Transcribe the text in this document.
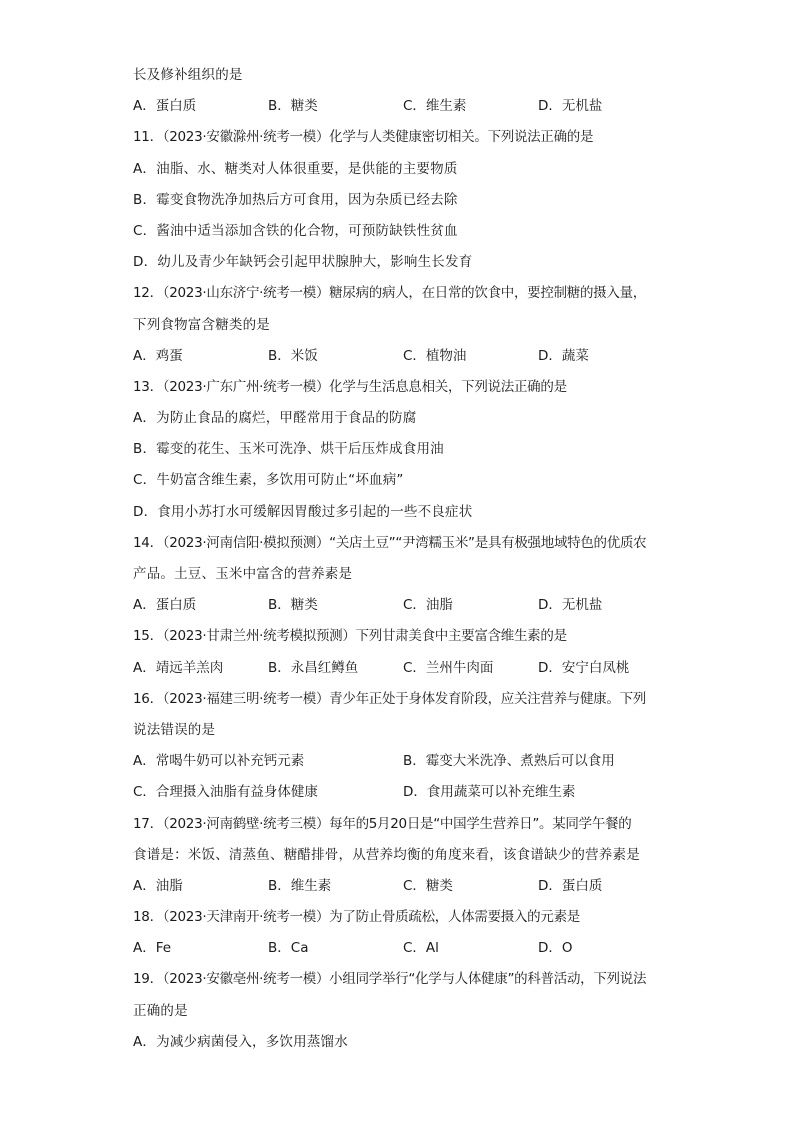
长及修补组织的是
A．蛋白质	B．糖类	C．维生素	D．无机盐
11．（2023·安徽滁州·统考一模）化学与人类健康密切相关。下列说法正确的是
A．油脂、水、糖类对人体很重要，是供能的主要物质
B．霉变食物洗净加热后方可食用，因为杂质已经去除
C．酱油中适当添加含铁的化合物，可预防缺铁性贫血
D．幼儿及青少年缺钙会引起甲状腺肿大，影响生长发育
12．（2023·山东济宁·统考一模）糖尿病的病人，在日常的饮食中，要控制糖的摄入量，
下列食物富含糖类的是
A．鸡蛋	B．米饭	C．植物油	D．蔬菜
13．（2023·广东广州·统考一模）化学与生活息息相关，下列说法正确的是
A．为防止食品的腐烂，甲醛常用于食品的防腐
B．霉变的花生、玉米可洗净、烘干后压炸成食用油
C．牛奶富含维生素，多饮用可防止“坏血病”
D．食用小苏打水可缓解因胃酸过多引起的一些不良症状
14．（2023·河南信阳·模拟预测）“关店土豆”“尹湾糯玉米”是具有极强地域特色的优质农
产品。土豆、玉米中富含的营养素是
A．蛋白质	B．糖类	C．油脂	D．无机盐
15．（2023·甘肃兰州·统考模拟预测）下列甘肃美食中主要富含维生素的是
A．靖远羊羔肉	B．永昌红鳟鱼	C．兰州牛肉面	D．安宁白凤桃
16．（2023·福建三明·统考一模）青少年正处于身体发育阶段，应关注营养与健康。下列
说法错误的是
A．常喝牛奶可以补充钙元素	B．霉变大米洗净、煮熟后可以食用
C．合理摄入油脂有益身体健康	D．食用蔬菜可以补充维生素
17．（2023·河南鹤壁·统考三模）每年的5月20日是“中国学生营养日”。某同学午餐的
食谱是：米饭、清蒸鱼、糖醋排骨，从营养均衡的角度来看，该食谱缺少的营养素是
A．油脂	B．维生素	C．糖类	D．蛋白质
18．（2023·天津南开·统考一模）为了防止骨质疏松，人体需要摄入的元素是
A．Fe	B．Ca	C．Al	D．O
19．（2023·安徽亳州·统考一模）小组同学举行“化学与人体健康”的科普活动，下列说法
正确的是
A．为减少病菌侵入，多饮用蒸馏水
